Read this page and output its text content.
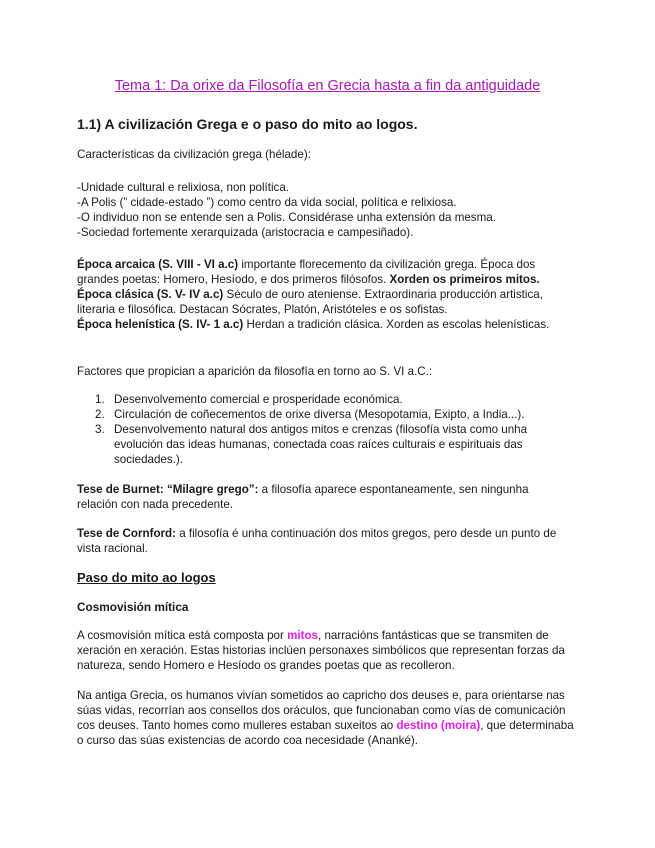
Tema 1: Da orixe da Filosofía en Grecia hasta a fin da antiguidade
1.1) A civilización Grega e o paso do mito ao logos.

Características da civilización grega (hélade):

-Unidade cultural e relixiosa, non política.

-A Polis (” cidade-estado ”) como centro da vida social, política e relixiosa.

-O individuo non se entende sen a Polis. Considérase unha extensión da mesma.

-Sociedad fortemente xerarquizada (aristocracia e campesiñado).

Época arcaica (S. VIII - VI a.c) importante florecemento da civilización grega. Época dos grandes poetas: Homero, Hesíodo, e dos primeros filósofos. Xorden os primeiros mitos.

Época clásica (S. V- IV a.c) Século de ouro ateniense. Extraordinaria producción artistica, literaria e filosófica. Destacan Sócrates, Platón, Aristóteles e os sofistas.

Época helenística (S. IV- 1 a.c) Herdan a tradición clásica. Xorden as escolas helenísticas.

Factores que propician a aparición da filosofía en torno ao S. VI a.C.:

1. Desenvolvemento comercial e prosperidade económica.
2. Circulación de coñecementos de orixe diversa (Mesopotamia, Exipto, a India...).
3. Desenvolvemento natural dos antigos mitos e crenzas (filosofía vista como unha evolución das ideas humanas, conectada coas raíces culturais e espirituais das sociedades.).

Tese de Burnet: “Milagre grego”: a filosofía aparece espontaneamente, sen ningunha relación con nada precedente.

Tese de Cornford: a filosofía é unha continuación dos mitos gregos, pero desde un punto de vista racional.

Paso do mito ao logos
Cosmovisión mítica

A cosmovisión mítica está composta por mitos, narracións fantásticas que se transmiten de xeración en xeración. Estas historias inclúen personaxes simbólicos que representan forzas da natureza, sendo Homero e Hesíodo os grandes poetas que as recolleron.

Na antiga Grecia, os humanos vivían sometidos ao capricho dos deuses e, para orientarse nas súas vidas, recorrían aos consellos dos oráculos, que funcionaban como vías de comunicación cos deuses. Tanto homes como mulleres estaban suxeitos ao destino (moira), que determinaba o curso das súas existencias de acordo coa necesidade (Ananké).
